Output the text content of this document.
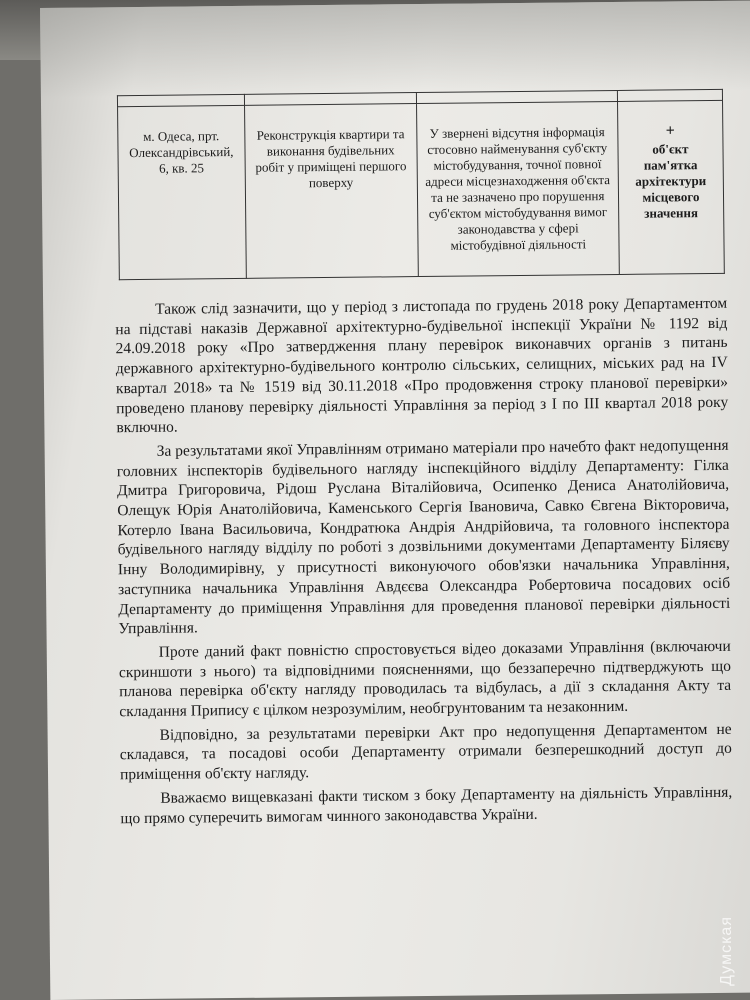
м. Одеса, прт. Олександрівський, 6, кв. 25	Реконструкція квартири та виконання будівельних робіт у приміщені першого поверху	У звернені відсутня інформація стосовно найменування суб'єкту містобудування, точної повної адреси місцезнаходження об'єкта та не зазначено про порушення суб'єктом містобудування вимог законодавства у сфері містобудівної діяльності	+
об'єкт пам'ятка архітектури місцевого значення

Також слід зазначити, що у період з листопада по грудень 2018 року Департаментом на підставі наказів Державної архітектурно-будівельної інспекції України № 1192 від 24.09.2018 року «Про затвердження плану перевірок виконавчих органів з питань державного архітектурно-будівельного контролю сільських, селищних, міських рад на IV квартал 2018» та № 1519 від 30.11.2018 «Про продовження строку планової перевірки» проведено планову перевірку діяльності Управління за період з I по III квартал 2018 року включно.

За результатами якої Управлінням отримано матеріали про начебто факт недопущення головних інспекторів будівельного нагляду інспекційного відділу Департаменту: Гілка Дмитра Григоровича, Рідош Руслана Віталійовича, Осипенко Дениса Анатолійовича, Олещук Юрія Анатолійовича, Каменського Сергія Івановича, Савко Євгена Вікторовича, Котерло Івана Васильовича, Кондратюка Андрія Андрійовича, та головного інспектора будівельного нагляду відділу по роботі з дозвільними документами Департаменту Біляєву Інну Володимирівну, у присутності виконуючого обов'язки начальника Управління, заступника начальника Управління Авдєєва Олександра Робертовича посадових осіб Департаменту до приміщення Управління для проведення планової перевірки діяльності Управління.

Проте даний факт повністю спростовується відео доказами Управління (включаючи скриншоти з нього) та відповідними поясненнями, що беззаперечно підтверджують що планова перевірка об'єкту нагляду проводилась та відбулась, а дії з складання Акту та складання Припису є цілком незрозумілим, необгрунтованим та незаконним.

Відповідно, за результатами перевірки Акт про недопущення Департаментом не складався, та посадові особи Департаменту отримали безперешкодний доступ до приміщення об'єкту нагляду.

Вважаємо вищевказані факти тиском з боку Департаменту на діяльність Управління, що прямо суперечить вимогам чинного законодавства України.

Думская
